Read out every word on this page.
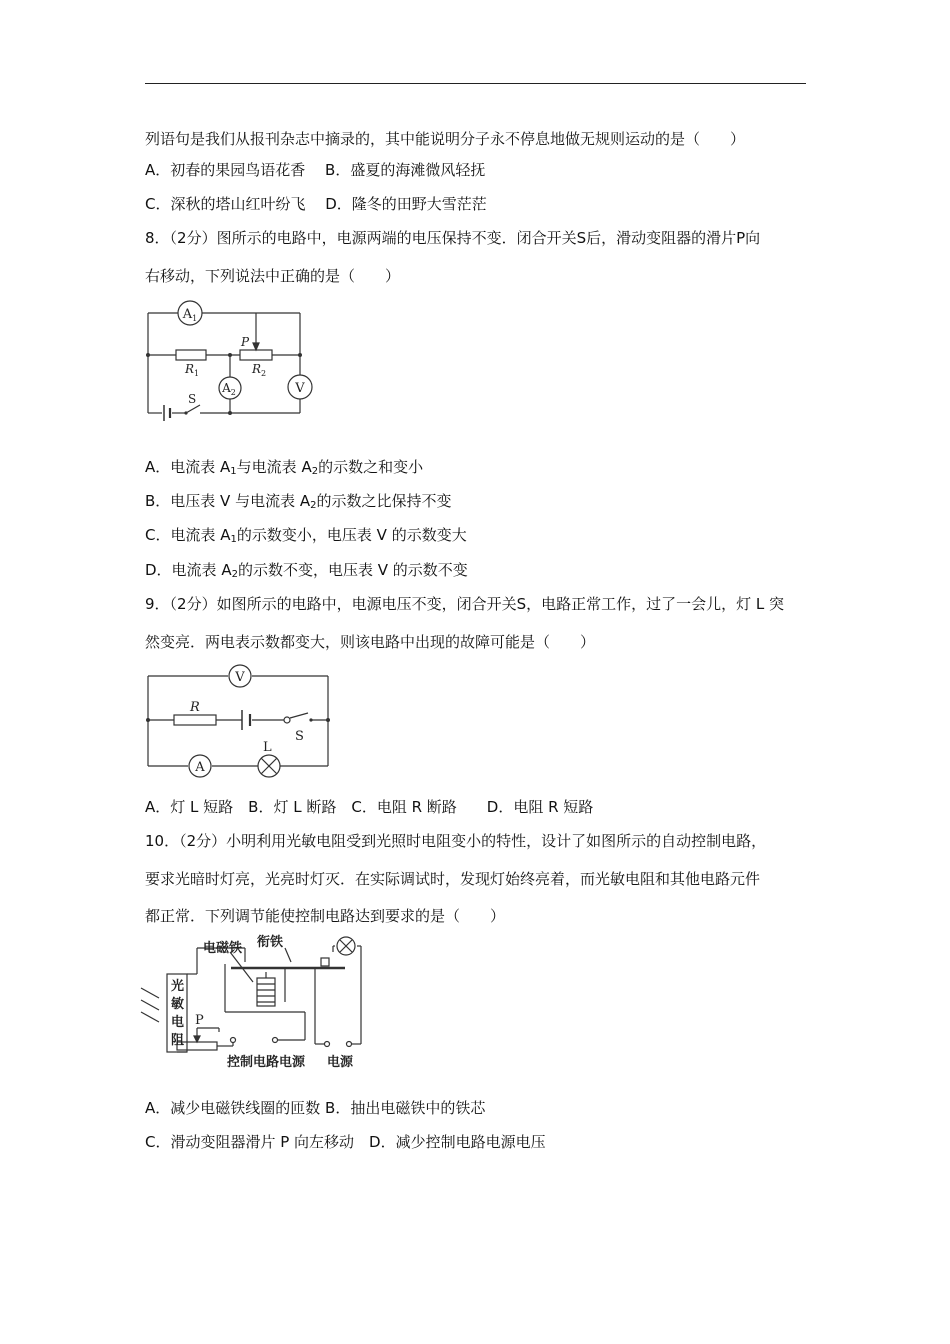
列语句是我们从报刊杂志中摘录的，其中能说明分子永不停息地做无规则运动的是（　　）
A．初春的果园鸟语花香　 B．盛夏的海滩微风轻抚
C．深秋的塔山红叶纷飞　 D．隆冬的田野大雪茫茫
8．（2分）图所示的电路中，电源两端的电压保持不变．闭合开关S后，滑动变阻器的滑片P向
右移动，下列说法中正确的是（　　）
$A_1$
$A_2$	V
$R_1$	$R_2$
P
S
A．电流表 $A_1$与电流表 $A_2$的示数之和变小
B．电压表 V 与电流表 $A_2$的示数之比保持不变
C．电流表 $A_1$的示数变小，电压表 V 的示数变大
D．电流表 $A_2$的示数不变，电压表 V 的示数不变
9．（2分）如图所示的电路中，电源电压不变，闭合开关S，电路正常工作，过了一会儿，灯 L 突
然变亮．两电表示数都变大，则该电路中出现的故障可能是（　　）
V
R
S
L
A
A．灯 L 短路　B．灯 L 断路　C．电阻 R 断路　　D．电阻 R 短路
10．（2分）小明利用光敏电阻受到光照时电阻变小的特性，设计了如图所示的自动控制电路，
要求光暗时灯亮，光亮时灯灭．在实际调试时，发现灯始终亮着，而光敏电阻和其他电路元件
都正常．下列调节能使控制电路达到要求的是（　　）
电磁铁 衔铁
光
敏
电
阻
P
控制电路电源 电源
A．减少电磁铁线圈的匝数 B．抽出电磁铁中的铁芯
C．滑动变阻器滑片 P 向左移动　D．减少控制电路电源电压
